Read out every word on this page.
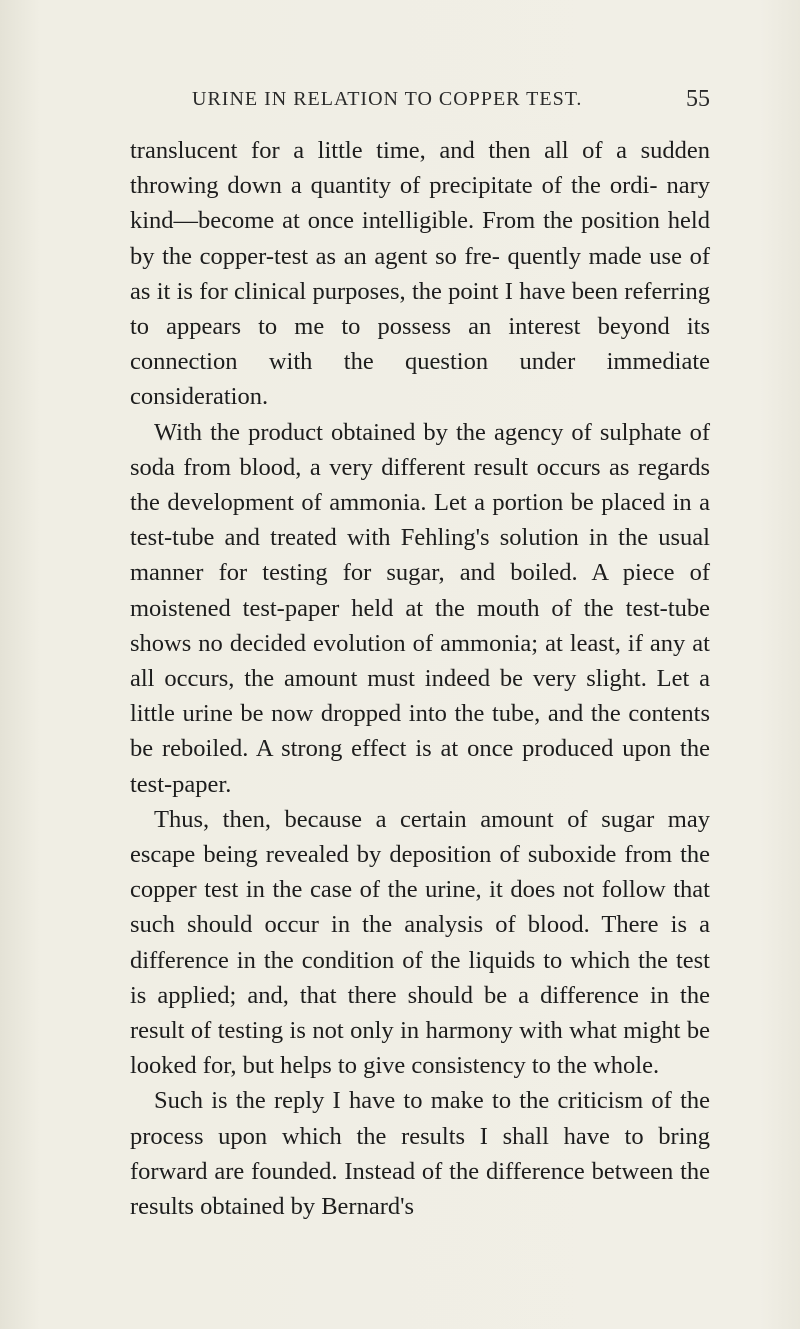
URINE IN RELATION TO COPPER TEST.	55

translucent for a little time, and then all of a sudden throwing down a quantity of precipitate of the ordi- nary kind—become at once intelligible. From the position held by the copper-test as an agent so fre- quently made use of as it is for clinical purposes, the point I have been referring to appears to me to possess an interest beyond its connection with the question under immediate consideration.

With the product obtained by the agency of sulphate of soda from blood, a very different result occurs as regards the development of ammonia. Let a portion be placed in a test-tube and treated with Fehling's solution in the usual manner for testing for sugar, and boiled. A piece of moistened test-paper held at the mouth of the test-tube shows no decided evolution of ammonia; at least, if any at all occurs, the amount must indeed be very slight. Let a little urine be now dropped into the tube, and the contents be reboiled. A strong effect is at once produced upon the test-paper.

Thus, then, because a certain amount of sugar may escape being revealed by deposition of suboxide from the copper test in the case of the urine, it does not follow that such should occur in the analysis of blood. There is a difference in the condition of the liquids to which the test is applied; and, that there should be a difference in the result of testing is not only in harmony with what might be looked for, but helps to give consistency to the whole.

Such is the reply I have to make to the criticism of the process upon which the results I shall have to bring forward are founded. Instead of the difference between the results obtained by Bernard's
